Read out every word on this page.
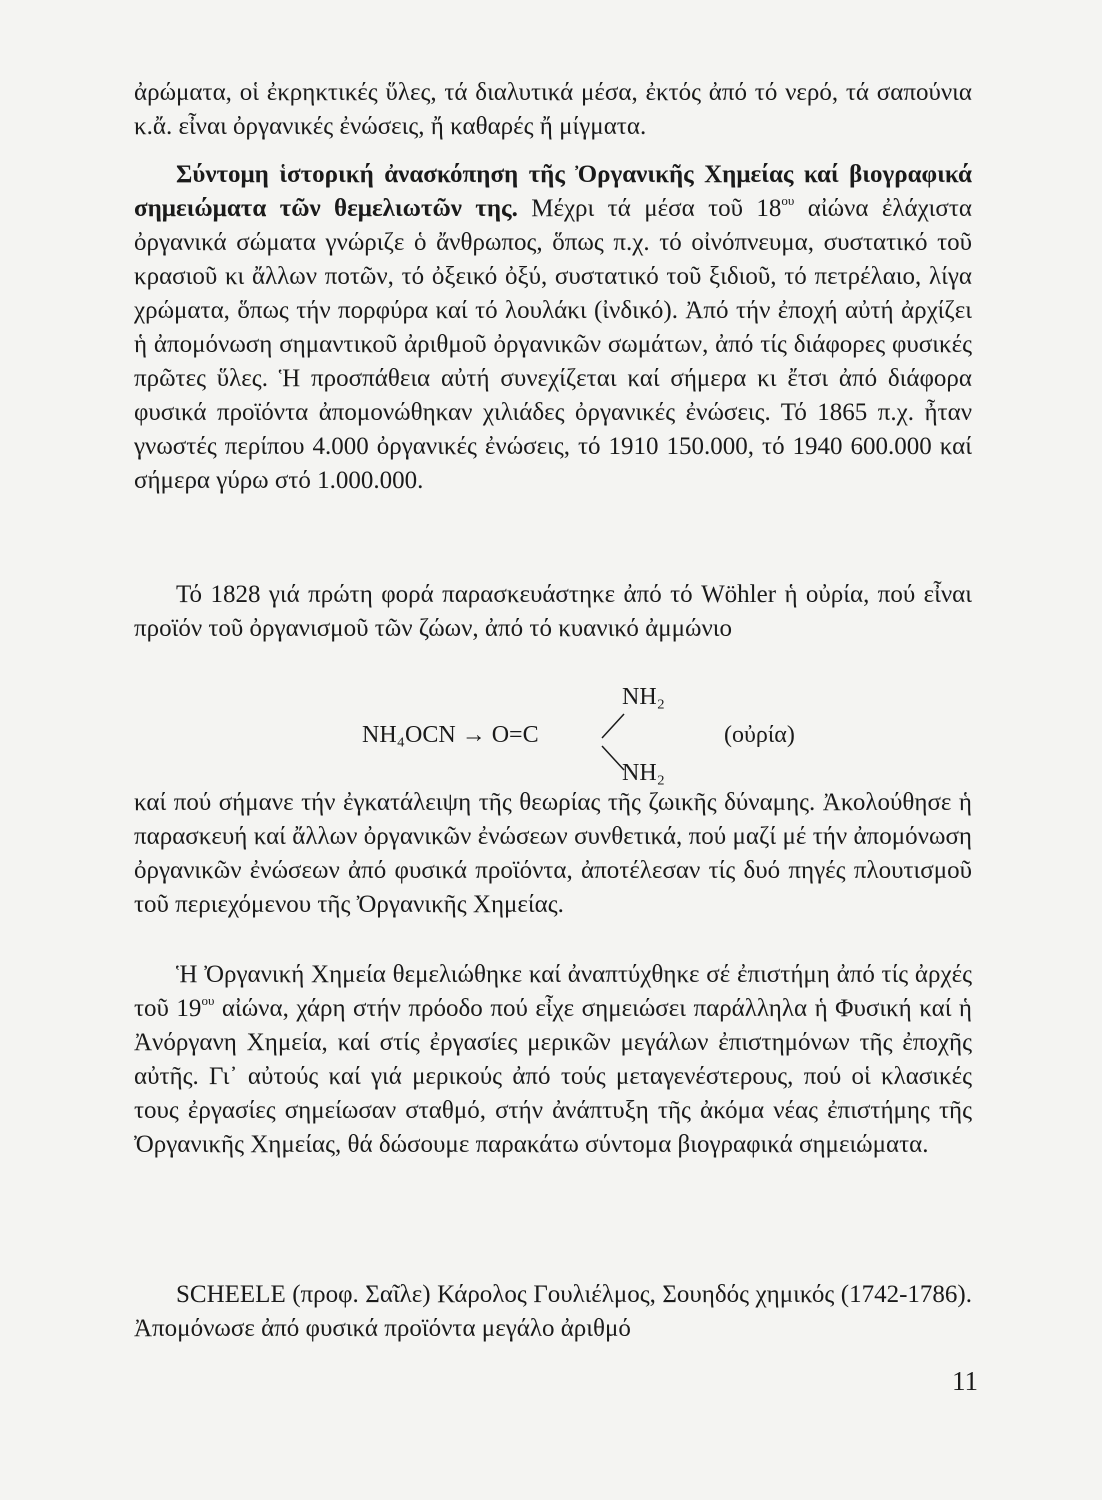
ἀρώματα, οἱ ἐκρηκτικές ὕλες, τά διαλυτικά μέσα, ἐκτός ἀπό τό νερό, τά σαπούνια κ.ἄ. εἶναι ὀργανικές ἐνώσεις, ἤ καθαρές ἤ μίγματα.

Σύντομη ἱστορική ἀνασκόπηση τῆς Ὀργανικῆς Χημείας καί βιογραφικά σημειώματα τῶν θεμελιωτῶν της. Μέχρι τά μέσα τοῦ $18^{o\upsilon}$ αἰώνα ἐλάχιστα ὀργανικά σώματα γνώριζε ὁ ἄνθρωπος, ὅπως π.χ. τό οἰνόπνευμα, συστατικό τοῦ κρασιοῦ κι ἄλλων ποτῶν, τό ὀξεικό ὀξύ, συστατικό τοῦ ξιδιοῦ, τό πετρέλαιο, λίγα χρώματα, ὅπως τήν πορφύρα καί τό λουλάκι (ἰνδικό). Ἀπό τήν ἐποχή αὐτή ἀρχίζει ἡ ἀπομόνωση σημαντικοῦ ἀριθμοῦ ὀργανικῶν σωμάτων, ἀπό τίς διάφορες φυσικές πρῶτες ὕλες. Ἡ προσπάθεια αὐτή συνεχίζεται καί σήμερα κι ἔτσι ἀπό διάφορα φυσικά προϊόντα ἀπομονώθηκαν χιλιάδες ὀργανικές ἐνώσεις. Τό 1865 π.χ. ἦταν γνωστές περίπου 4.000 ὀργανικές ἐνώσεις, τό 1910 150.000, τό 1940 600.000 καί σήμερα γύρω στό 1.000.000.

Τό 1828 γιά πρώτη φορά παρασκευάστηκε ἀπό τό Wöhler ἡ οὐρία, πού εἶναι προϊόν τοῦ ὀργανισμοῦ τῶν ζώων, ἀπό τό κυανικό ἀμμώνιο

NH₂
NH₄OCN → O=C
NH₂
(οὐρία)

καί πού σήμανε τήν ἐγκατάλειψη τῆς θεωρίας τῆς ζωικῆς δύναμης. Ἀκολούθησε ἡ παρασκευή καί ἄλλων ὀργανικῶν ἐνώσεων συνθετικά, πού μαζί μέ τήν ἀπομόνωση ὀργανικῶν ἐνώσεων ἀπό φυσικά προϊόντα, ἀποτέλεσαν τίς δυό πηγές πλουτισμοῦ τοῦ περιεχόμενου τῆς Ὀργανικῆς Χημείας.

Ἡ Ὀργανική Χημεία θεμελιώθηκε καί ἀναπτύχθηκε σέ ἐπιστήμη ἀπό τίς ἀρχές τοῦ $19^{o\upsilon}$ αἰώνα, χάρη στήν πρόοδο πού εἶχε σημειώσει παράλληλα ἡ Φυσική καί ἡ Ἀνόργανη Χημεία, καί στίς ἐργασίες μερικῶν μεγάλων ἐπιστημόνων τῆς ἐποχῆς αὐτῆς. Γι᾽ αὐτούς καί γιά μερικούς ἀπό τούς μεταγενέστερους, πού οἱ κλασικές τους ἐργασίες σημείωσαν σταθμό, στήν ἀνάπτυξη τῆς ἀκόμα νέας ἐπιστήμης τῆς Ὀργανικῆς Χημείας, θά δώσουμε παρακάτω σύντομα βιογραφικά σημειώματα.

SCHEELE (προφ. Σαῖλε) Κάρολος Γουλιέλμος, Σουηδός χημικός (1742-1786). Ἀπομόνωσε ἀπό φυσικά προϊόντα μεγάλο ἀριθμό

11
